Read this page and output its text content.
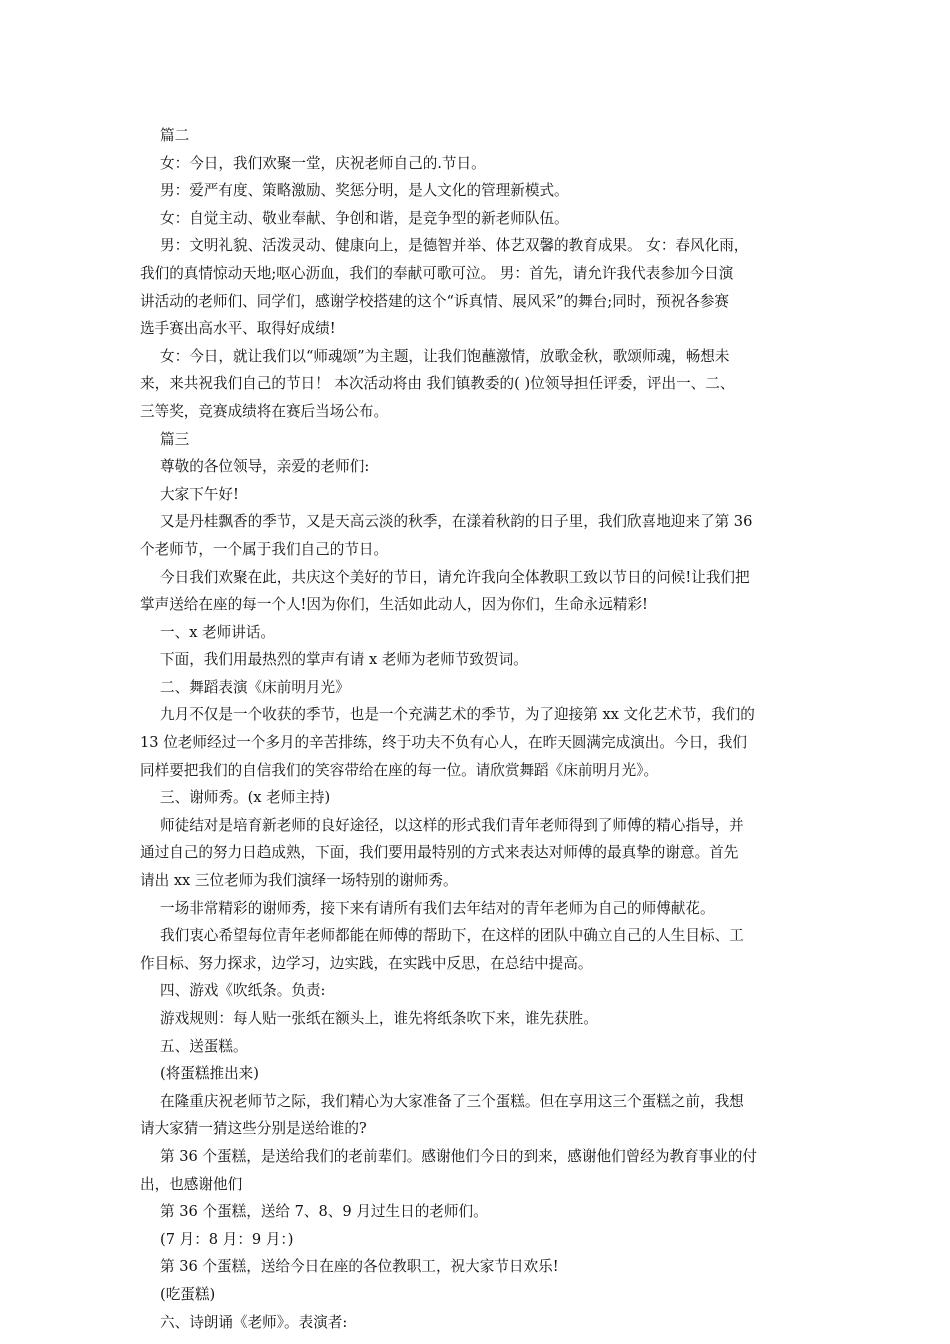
篇二
女：今日，我们欢聚一堂，庆祝老师自己的.节日。
男：爱严有度、策略激励、奖惩分明，是人文化的管理新模式。
女：自觉主动、敬业奉献、争创和谐，是竞争型的新老师队伍。
男：文明礼貌、活泼灵动、健康向上，是德智并举、体艺双馨的教育成果。 女：春风化雨，
我们的真情惊动天地;呕心沥血，我们的奉献可歌可泣。 男：首先，请允许我代表参加今日演
讲活动的老师们、同学们，感谢学校搭建的这个“诉真情、展风采”的舞台;同时，预祝各参赛
选手赛出高水平、取得好成绩!
女：今日，就让我们以“师魂颂”为主题，让我们饱蘸激情，放歌金秋，歌颂师魂，畅想未
来，来共祝我们自己的节日！ 本次活动将由 我们镇教委的( )位领导担任评委，评出一、二、
三等奖，竞赛成绩将在赛后当场公布。
篇三
尊敬的各位领导，亲爱的老师们:
大家下午好!
又是丹桂飘香的季节，又是天高云淡的秋季，在漾着秋韵的日子里，我们欣喜地迎来了第 36
个老师节，一个属于我们自己的节日。
今日我们欢聚在此，共庆这个美好的节日，请允许我向全体教职工致以节日的问候!让我们把
掌声送给在座的每一个人!因为你们，生活如此动人，因为你们，生命永远精彩!
一、x 老师讲话。
下面，我们用最热烈的掌声有请 x 老师为老师节致贺词。
二、舞蹈表演《床前明月光》
九月不仅是一个收获的季节，也是一个充满艺术的季节，为了迎接第 xx 文化艺术节，我们的
13 位老师经过一个多月的辛苦排练，终于功夫不负有心人，在昨天圆满完成演出。今日，我们
同样要把我们的自信我们的笑容带给在座的每一位。请欣赏舞蹈《床前明月光》。
三、谢师秀。(x 老师主持)
师徒结对是培育新老师的良好途径，以这样的形式我们青年老师得到了师傅的精心指导，并
通过自己的努力日趋成熟，下面，我们要用最特别的方式来表达对师傅的最真挚的谢意。首先
请出 xx 三位老师为我们演绎一场特别的谢师秀。
一场非常精彩的谢师秀，接下来有请所有我们去年结对的青年老师为自己的师傅献花。
我们衷心希望每位青年老师都能在师傅的帮助下，在这样的团队中确立自己的人生目标、工
作目标、努力探求，边学习，边实践，在实践中反思，在总结中提高。
四、游戏《吹纸条。负责:
游戏规则：每人贴一张纸在额头上，谁先将纸条吹下来，谁先获胜。
五、送蛋糕。
(将蛋糕推出来)
在隆重庆祝老师节之际，我们精心为大家准备了三个蛋糕。但在享用这三个蛋糕之前，我想
请大家猜一猜这些分别是送给谁的?
第 36 个蛋糕，是送给我们的老前辈们。感谢他们今日的到来，感谢他们曾经为教育事业的付
出，也感谢他们
第 36 个蛋糕，送给 7、8、9 月过生日的老师们。
(7 月：8 月：9 月：)
第 36 个蛋糕，送给今日在座的各位教职工，祝大家节日欢乐!
(吃蛋糕)
六、诗朗诵《老师》。表演者:
